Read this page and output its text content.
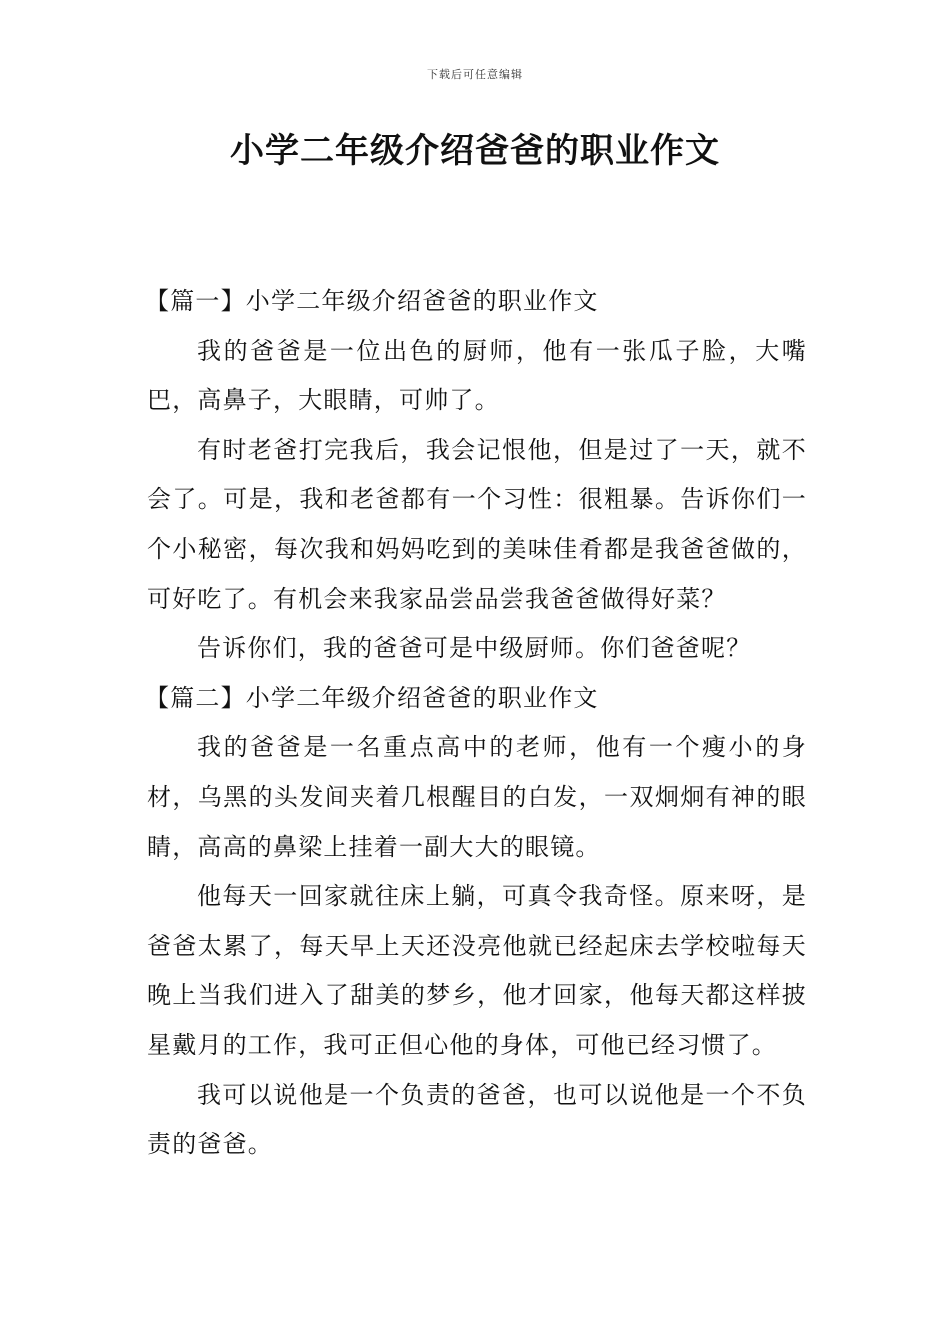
下载后可任意编辑
小学二年级介绍爸爸的职业作文
【篇一】小学二年级介绍爸爸的职业作文

我的爸爸是一位出色的厨师，他有一张瓜子脸，大嘴巴，高鼻子，大眼睛，可帅了。

有时老爸打完我后，我会记恨他，但是过了一天，就不会了。可是，我和老爸都有一个习性：很粗暴。告诉你们一个小秘密，每次我和妈妈吃到的美味佳肴都是我爸爸做的，可好吃了。有机会来我家品尝品尝我爸爸做得好菜？

告诉你们，我的爸爸可是中级厨师。你们爸爸呢？

【篇二】小学二年级介绍爸爸的职业作文

我的爸爸是一名重点高中的老师，他有一个瘦小的身材，乌黑的头发间夹着几根醒目的白发，一双炯炯有神的眼睛，高高的鼻梁上挂着一副大大的眼镜。

他每天一回家就往床上躺，可真令我奇怪。原来呀，是爸爸太累了，每天早上天还没亮他就已经起床去学校啦每天晚上当我们进入了甜美的梦乡，他才回家，他每天都这样披星戴月的工作，我可正但心他的身体，可他已经习惯了。

我可以说他是一个负责的爸爸，也可以说他是一个不负责的爸爸。
